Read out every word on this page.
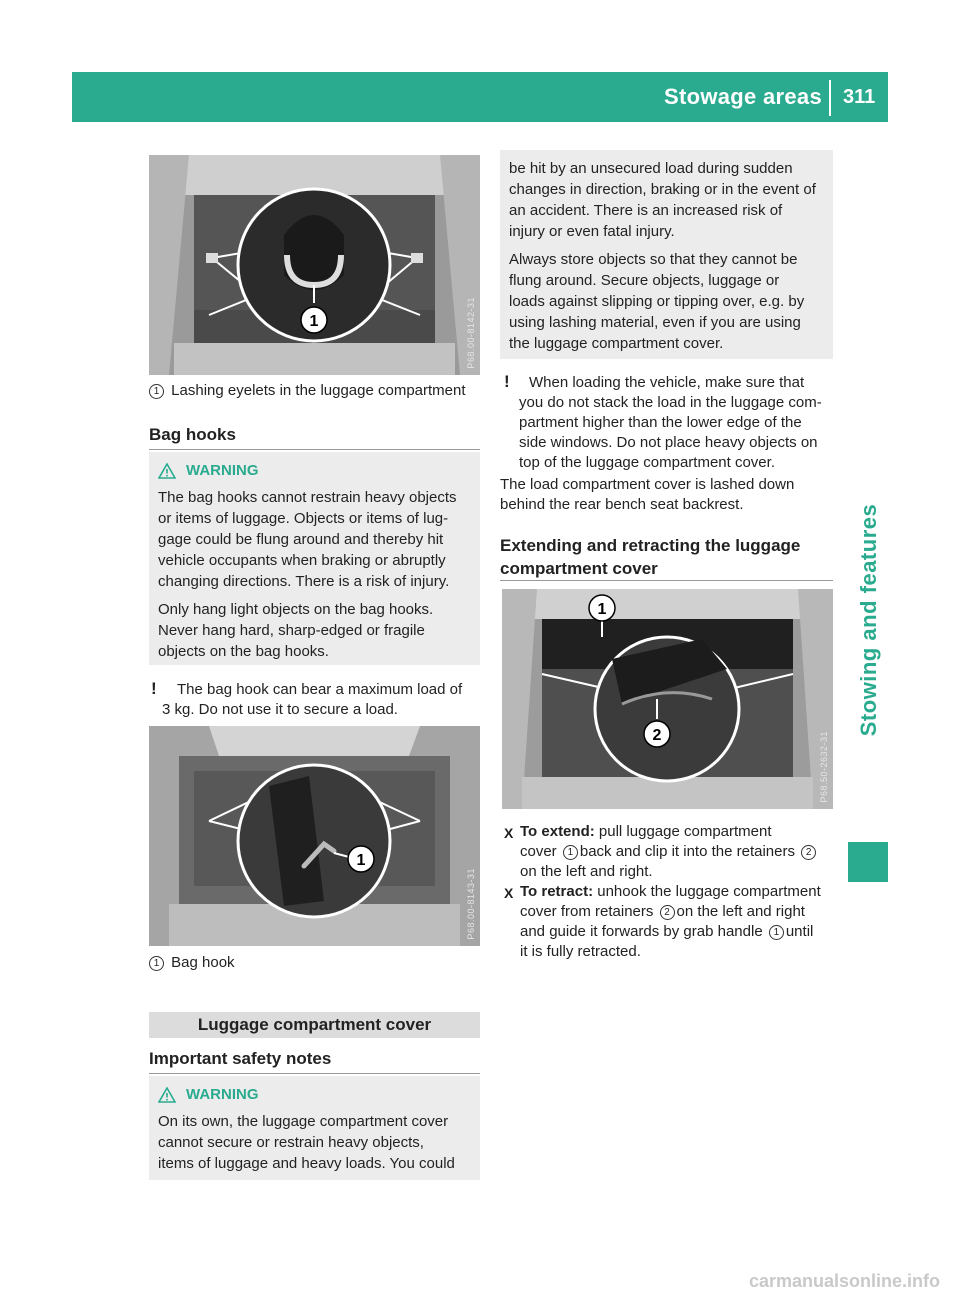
Stowage areas 311
Stowing and features
1	P68.00-8142-31
1 Lashing eyelets in the luggage compartment
Bag hooks
WARNING
The bag hooks cannot restrain heavy objects
or items of luggage. Objects or items of lug-
gage could be flung around and thereby hit
vehicle occupants when braking or abruptly
changing directions. There is a risk of injury.
Only hang light objects on the bag hooks.
Never hang hard, sharp-edged or fragile
objects on the bag hooks.
! The bag hook can bear a maximum load of
3 kg. Do not use it to secure a load.
1
P68.00-8143-31
1 Bag hook
Luggage compartment cover
Important safety notes
WARNING
On its own, the luggage compartment cover
cannot secure or restrain heavy objects,
items of luggage and heavy loads. You could
be hit by an unsecured load during sudden
changes in direction, braking or in the event of
an accident. There is an increased risk of
injury or even fatal injury.
Always store objects so that they cannot be
flung around. Secure objects, luggage or
loads against slipping or tipping over, e.g. by
using lashing material, even if you are using
the luggage compartment cover.
! When loading the vehicle, make sure that
you do not stack the load in the luggage com-
partment higher than the lower edge of the
side windows. Do not place heavy objects on
top of the luggage compartment cover.
The load compartment cover is lashed down
behind the rear bench seat backrest.
Extending and retracting the luggage
compartment cover
1
2	P68.50-2632-31
X To extend: pull luggage compartment
cover 1 back and clip it into the retainers 2
on the left and right.
X To retract: unhook the luggage compartment
cover from retainers 2 on the left and right
and guide it forwards by grab handle 1 until
it is fully retracted.
carmanualsonline.info
